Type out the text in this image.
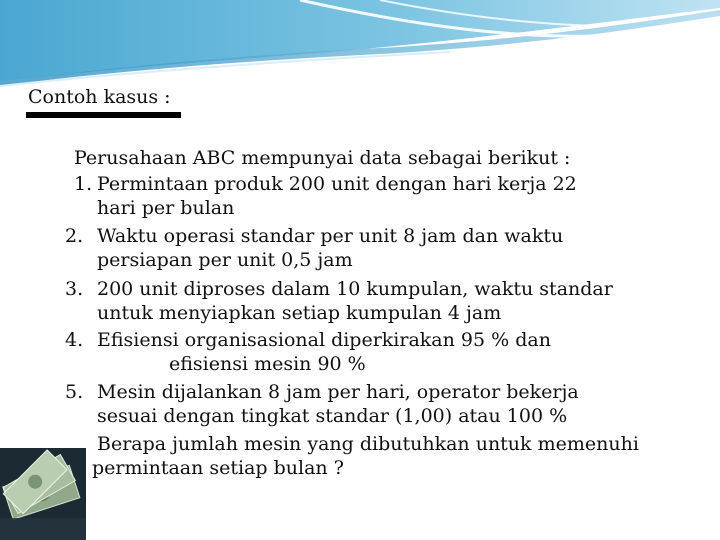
Contoh kasus :
Perusahaan ABC mempunyai data sebagai berikut :
1. Permintaan produk 200 unit dengan hari kerja 22
hari per bulan
2. Waktu operasi standar per unit 8 jam dan waktu
persiapan per unit 0,5 jam
3. 200 unit diproses dalam 10 kumpulan, waktu standar
untuk menyiapkan setiap kumpulan 4 jam
4. Efisiensi organisasional diperkirakan 95 % dan
efisiensi mesin 90 %
5. Mesin dijalankan 8 jam per hari, operator bekerja
sesuai dengan tingkat standar (1,00) atau 100 %
Berapa jumlah mesin yang dibutuhkan untuk memenuhi
permintaan setiap bulan ?
